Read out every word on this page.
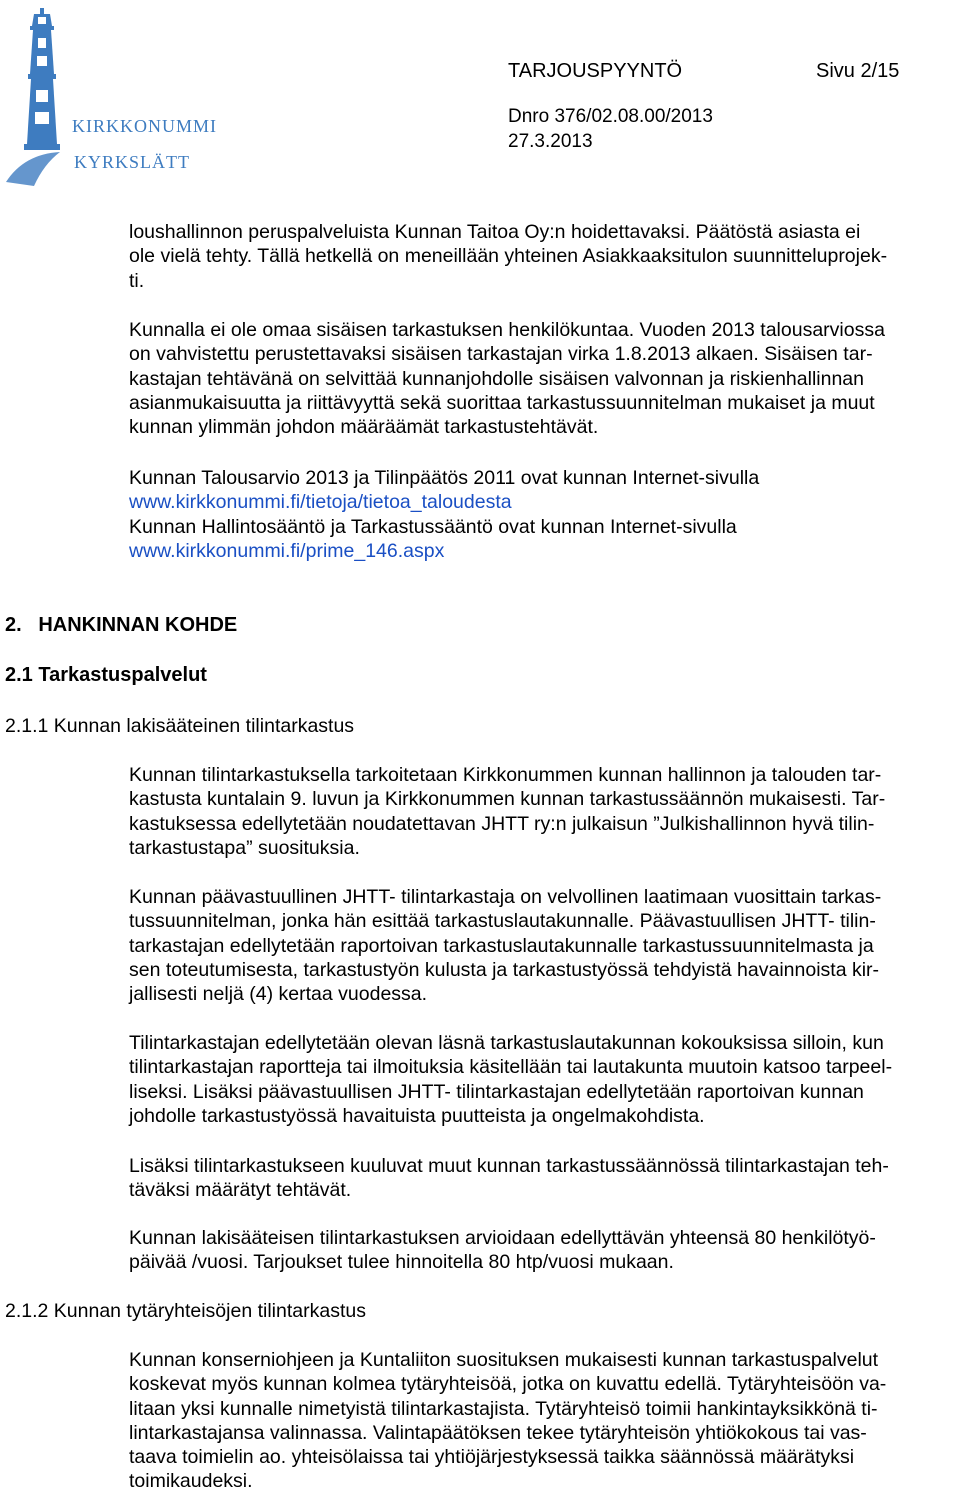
KIRKKONUMMI
KYRKSLÄTT
TARJOUSPYYNTÖ	Sivu 2/15
Dnro 376/02.08.00/2013
27.3.2013
loushallinnon peruspalveluista Kunnan Taitoa Oy:n hoidettavaksi. Päätöstä asiasta ei
ole vielä tehty. Tällä hetkellä on meneillään yhteinen Asiakkaaksitulon suunnitteluprojek-
ti.
Kunnalla ei ole omaa sisäisen tarkastuksen henkilökuntaa. Vuoden 2013 talousarviossa
on vahvistettu perustettavaksi sisäisen tarkastajan virka 1.8.2013 alkaen. Sisäisen tar-
kastajan tehtävänä on selvittää kunnanjohdolle sisäisen valvonnan ja riskienhallinnan
asianmukaisuutta ja riittävyyttä sekä suorittaa tarkastussuunnitelman mukaiset ja muut
kunnan ylimmän johdon määräämät tarkastustehtävät.
Kunnan Talousarvio 2013 ja Tilinpäätös 2011 ovat kunnan Internet-sivulla
www.kirkkonummi.fi/tietoja/tietoa_taloudesta
Kunnan Hallintosääntö ja Tarkastussääntö ovat kunnan Internet-sivulla
www.kirkkonummi.fi/prime_146.aspx
2.   HANKINNAN KOHDE
2.1 Tarkastuspalvelut
2.1.1 Kunnan lakisääteinen tilintarkastus
Kunnan tilintarkastuksella tarkoitetaan Kirkkonummen kunnan hallinnon ja talouden tar-
kastusta kuntalain 9. luvun ja Kirkkonummen kunnan tarkastussäännön mukaisesti. Tar-
kastuksessa edellytetään noudatettavan JHTT ry:n julkaisun ”Julkishallinnon hyvä tilin-
tarkastustapa” suosituksia.
Kunnan päävastuullinen JHTT- tilintarkastaja on velvollinen laatimaan vuosittain tarkas-
tussuunnitelman, jonka hän esittää tarkastuslautakunnalle. Päävastuullisen JHTT- tilin-
tarkastajan edellytetään raportoivan tarkastuslautakunnalle tarkastussuunnitelmasta ja
sen toteutumisesta, tarkastustyön kulusta ja tarkastustyössä tehdyistä havainnoista kir-
jallisesti neljä (4) kertaa vuodessa.
Tilintarkastajan edellytetään olevan läsnä tarkastuslautakunnan kokouksissa silloin, kun
tilintarkastajan raportteja tai ilmoituksia käsitellään tai lautakunta muutoin katsoo tarpeel-
liseksi. Lisäksi päävastuullisen JHTT- tilintarkastajan edellytetään raportoivan kunnan
johdolle tarkastustyössä havaituista puutteista ja ongelmakohdista.
Lisäksi tilintarkastukseen kuuluvat muut kunnan tarkastussäännössä tilintarkastajan teh-
täväksi määrätyt tehtävät.
Kunnan lakisääteisen tilintarkastuksen arvioidaan edellyttävän yhteensä 80 henkilötyö-
päivää /vuosi. Tarjoukset tulee hinnoitella 80 htp/vuosi mukaan.
2.1.2 Kunnan tytäryhteisöjen tilintarkastus
Kunnan konserniohjeen ja Kuntaliiton suosituksen mukaisesti kunnan tarkastuspalvelut
koskevat myös kunnan kolmea tytäryhteisöä, jotka on kuvattu edellä. Tytäryhteisöön va-
litaan yksi kunnalle nimetyistä tilintarkastajista. Tytäryhteisö toimii hankintayksikkönä ti-
lintarkastajansa valinnassa. Valintapäätöksen tekee tytäryhteisön yhtiökokous tai vas-
taava toimielin ao. yhteisölaissa tai yhtiöjärjestyksessä taikka säännössä määrätyksi
toimikaudeksi.
